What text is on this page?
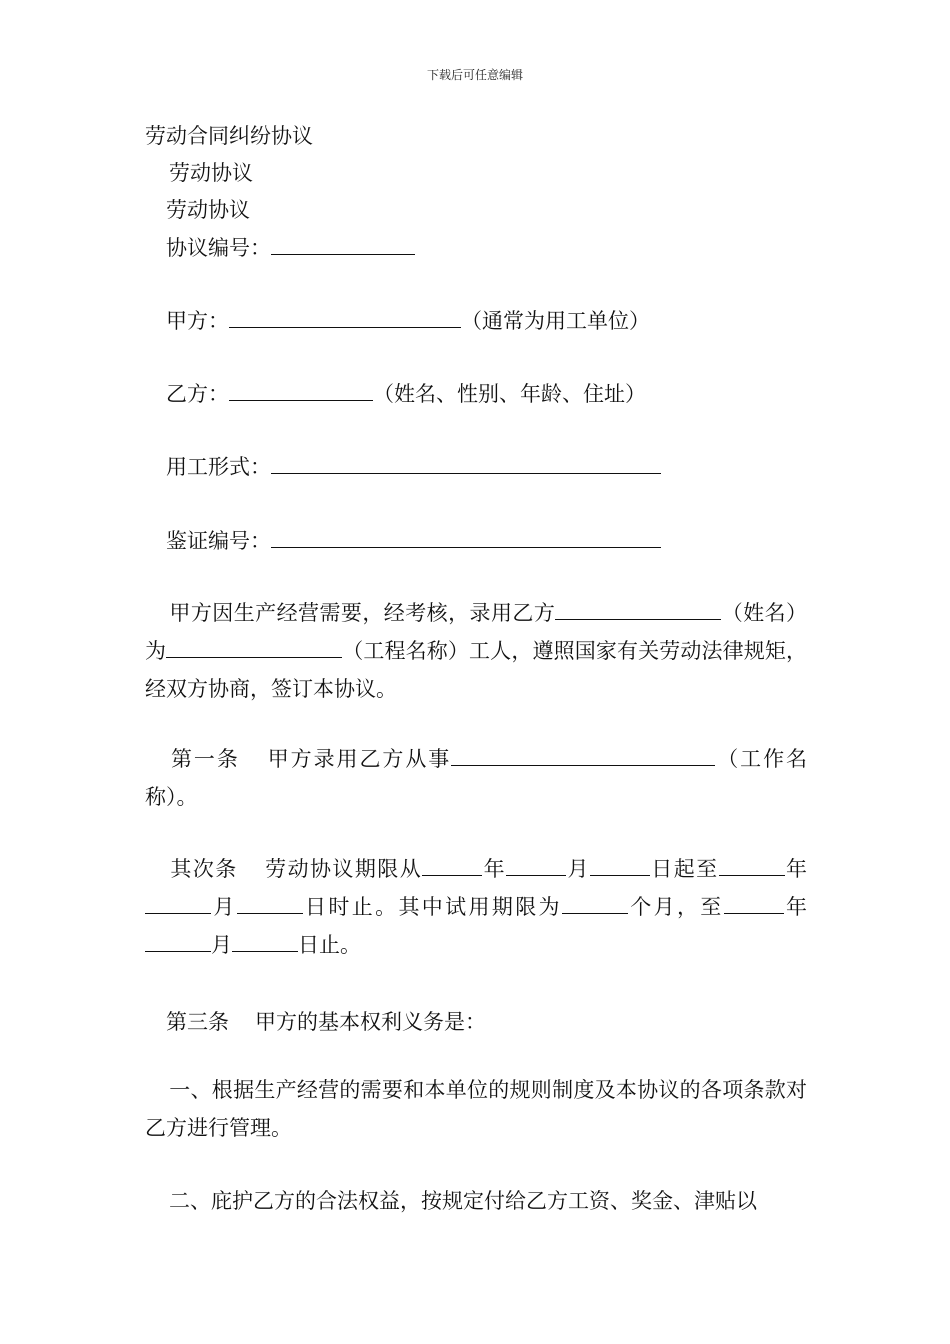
下载后可任意编辑
劳动合同纠纷协议
劳动协议
劳动协议
协议编号：
甲方：	（通常为用工单位）
乙方：	（姓名、性别、年龄、住址）
用工形式：
鉴证编号：
甲方因生产经营需要，经考核，录用乙方	（姓名）为	（工程名称）工人，遵照国家有关劳动法律规矩，经双方协商，签订本协议。
第一条 甲方录用乙方从事	（工作名称）。
其次条 劳动协议期限从	年	月	日起至	年月	日时止。其中试用期限为	个月，至	年月	日止。
第三条 甲方的基本权利义务是：
一、根据生产经营的需要和本单位的规则制度及本协议的各项条款对乙方进行管理。
二、庇护乙方的合法权益，按规定付给乙方工资、奖金、津贴以
